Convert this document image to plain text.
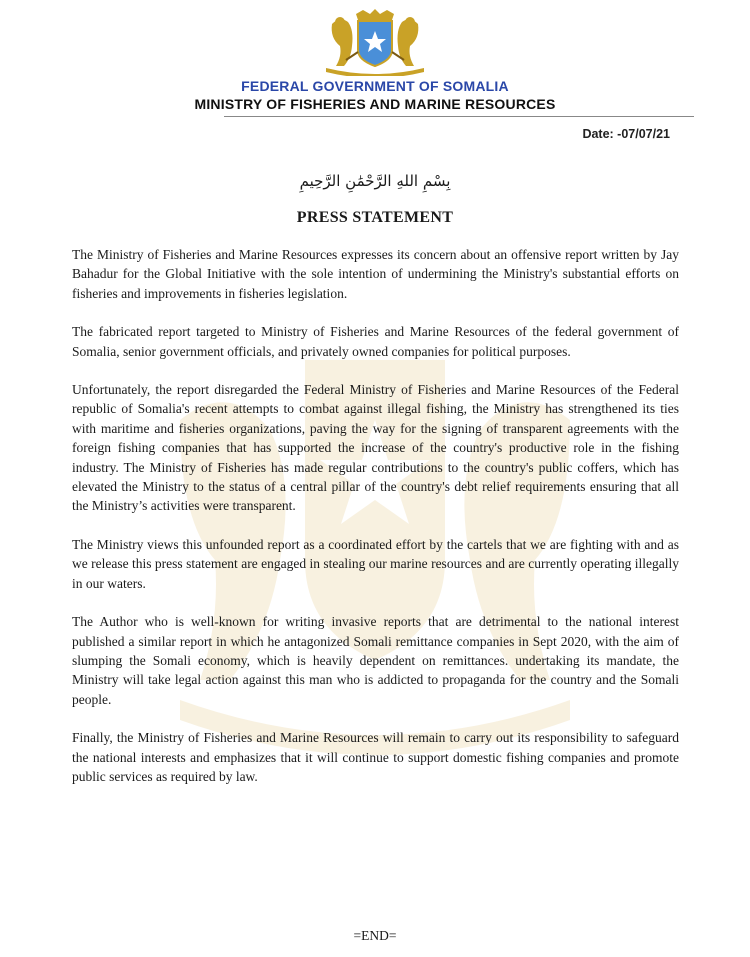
FEDERAL GOVERNMENT OF SOMALIA
MINISTRY OF FISHERIES AND MARINE RESOURCES
Date: -07/07/21
بِسْمِ اللهِ الرَّحْمَٰنِ الرَّحِيمِ
PRESS STATEMENT

The Ministry of Fisheries and Marine Resources expresses its concern about an offensive report written by Jay Bahadur for the Global Initiative with the sole intention of undermining the Ministry's substantial efforts on fisheries and improvements in fisheries legislation.

The fabricated report targeted to Ministry of Fisheries and Marine Resources of the federal government of Somalia, senior government officials, and privately owned companies for political purposes.

Unfortunately, the report disregarded the Federal Ministry of Fisheries and Marine Resources of the Federal republic of Somalia's recent attempts to combat against illegal fishing, the Ministry has strengthened its ties with maritime and fisheries organizations, paving the way for the signing of transparent agreements with the foreign fishing companies that has supported the increase of the country's productive role in the fishing industry. The Ministry of Fisheries has made regular contributions to the country's public coffers, which has elevated the Ministry to the status of a central pillar of the country's debt relief requirements ensuring that all the Ministry’s activities were transparent.

The Ministry views this unfounded report as a coordinated effort by the cartels that we are fighting with and as we release this press statement are engaged in stealing our marine resources and are currently operating illegally in our waters.

The Author who is well-known for writing invasive reports that are detrimental to the national interest published a similar report in which he antagonized Somali remittance companies in Sept 2020, with the aim of slumping the Somali economy, which is heavily dependent on remittances. undertaking its mandate, the Ministry will take legal action against this man who is addicted to propaganda for the country and the Somali people.

Finally, the Ministry of Fisheries and Marine Resources will remain to carry out its responsibility to safeguard the national interests and emphasizes that it will continue to support domestic fishing companies and promote public services as required by law.

=END=
